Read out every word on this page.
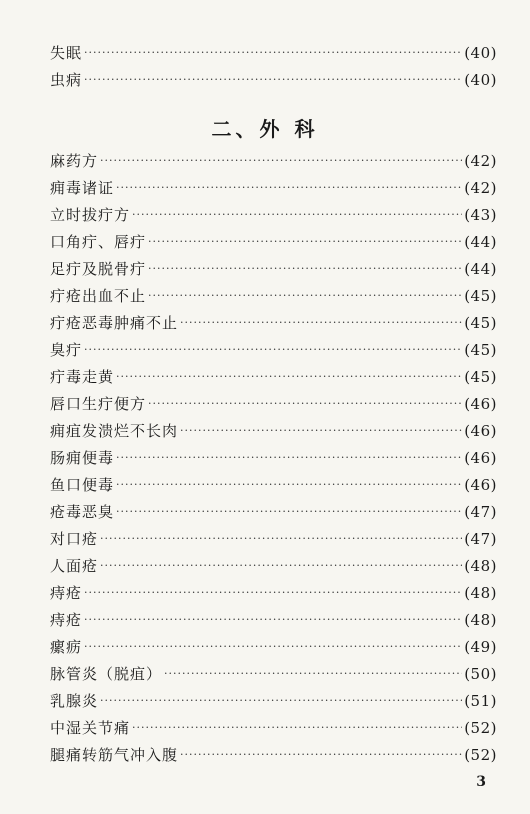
失眠 ·····	(40)
虫病 ·····	(40)
二、外 科
麻药方 ·····	(42)
痈毒诸证 ·····	(42)
立时拔疔方 ·····	(43)
口角疔、唇疔 ·····	(44)
足疔及脱骨疔 ·····	(44)
疔疮出血不止 ·····	(45)
疔疮恶毒肿痛不止 ·····	(45)
臭疔 ·····	(45)
疔毒走黄 ·····	(45)
唇口生疔便方 ·····	(46)
痈疽发溃烂不长肉 ·····	(46)
肠痈便毒 ·····	(46)
鱼口便毒 ·····	(46)
疮毒恶臭 ·····	(47)
对口疮 ·····	(47)
人面疮 ·····	(48)
痔疮 ·····	(48)
痔疮 ·····	(48)
瘰疬 ·····	(49)
脉管炎（脱疽） ·····	(50)
乳腺炎 ·····	(51)
中湿关节痛 ·····	(52)
腿痛转筋气冲入腹 ·····	(52)
3
